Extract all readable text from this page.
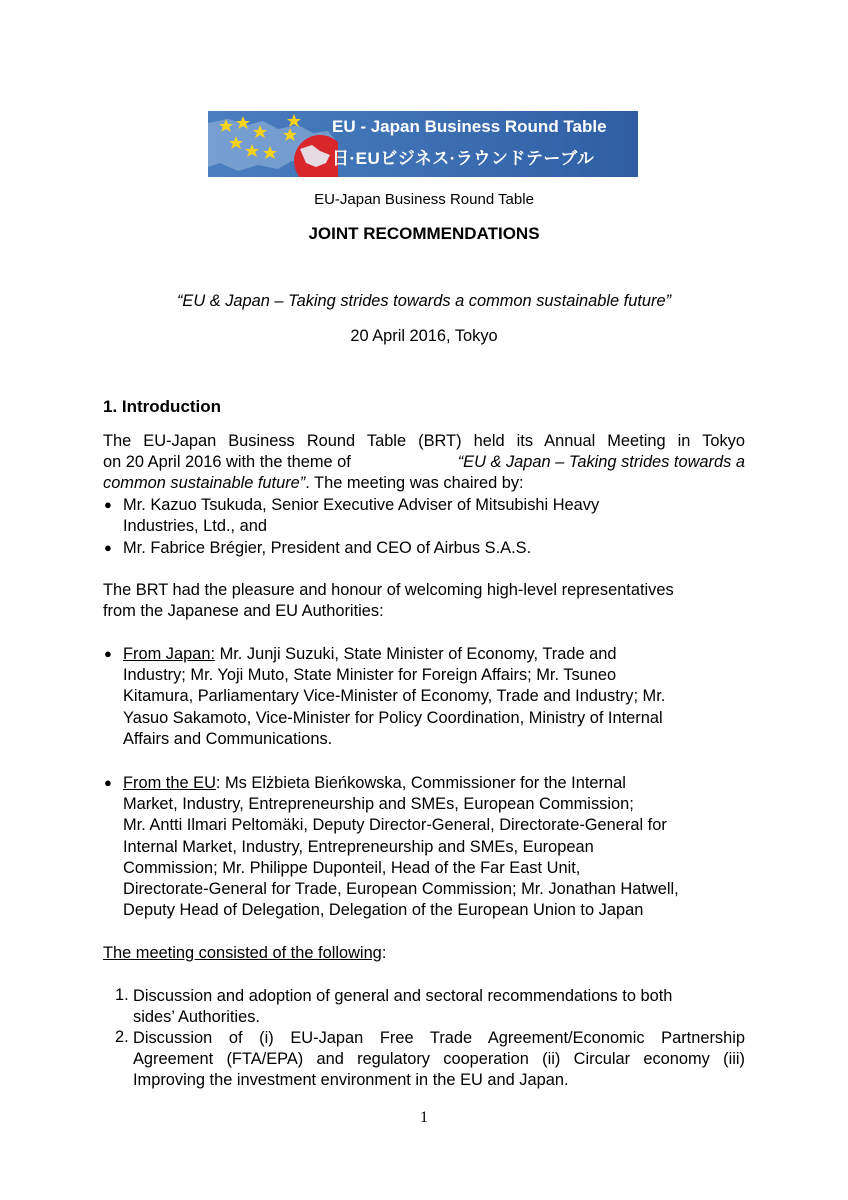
EU - Japan Business Round Table
日·EUビジネス·ラウンドテーブル
EU-Japan Business Round Table
JOINT RECOMMENDATIONS
“EU & Japan – Taking strides towards a common sustainable future”
20 April 2016, Tokyo
1. Introduction
The EU-Japan Business Round Table (BRT) held its Annual Meeting in Tokyo
on 20 April 2016 with the theme of	“EU & Japan – Taking strides towards a
common sustainable future”. The meeting was chaired by:
● Mr. Kazuo Tsukuda, Senior Executive Adviser of Mitsubishi Heavy
Industries, Ltd., and
● Mr. Fabrice Brégier, President and CEO of Airbus S.A.S.
The BRT had the pleasure and honour of welcoming high-level representatives
from the Japanese and EU Authorities:
● From Japan: Mr. Junji Suzuki, State Minister of Economy, Trade and
Industry; Mr. Yoji Muto, State Minister for Foreign Affairs; Mr. Tsuneo
Kitamura, Parliamentary Vice-Minister of Economy, Trade and Industry; Mr.
Yasuo Sakamoto, Vice-Minister for Policy Coordination, Ministry of Internal
Affairs and Communications.
● From the EU: Ms Elżbieta Bieńkowska, Commissioner for the Internal
Market, Industry, Entrepreneurship and SMEs, European Commission;
Mr. Antti Ilmari Peltomäki, Deputy Director-General, Directorate-General for
Internal Market, Industry, Entrepreneurship and SMEs, European
Commission; Mr. Philippe Duponteil, Head of the Far East Unit,
Directorate-General for Trade, European Commission; Mr. Jonathan Hatwell,
Deputy Head of Delegation, Delegation of the European Union to Japan
The meeting consisted of the following:
1. Discussion and adoption of general and sectoral recommendations to both
sides’ Authorities.
2. Discussion of (i) EU-Japan Free Trade Agreement/Economic Partnership
Agreement (FTA/EPA) and regulatory cooperation (ii) Circular economy (iii)
Improving the investment environment in the EU and Japan.
1
